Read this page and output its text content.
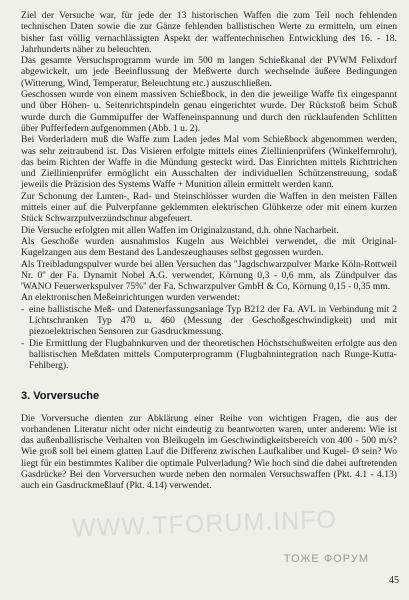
Ziel der Versuche war, für jede der 13 historischen Waffen die zum Teil noch fehlenden technischen Daten sowie die zur Gänze fehlenden ballistischen Werte zu ermitteln, um einen bisher fast völlig vernachlässigten Aspekt der waffentechnischen Entwicklung des 16. - 18. Jahrhunderts näher zu beleuchten.

Das gesamte Versuchsprogramm wurde im 500 m langen Schießkanal der PVWM Felixdorf abgewickelt, um jede Beeinflussung der Meßwerte durch wechselnde äußere Bedingungen (Witterung, Wind, Temperatur, Beleuchtung etc.) auszuschließen.

Geschossen wurde von einem massiven Schießbock, in den die jeweilige Waffe fix eingespannt und über Höhen- u. Seitenrichtspindeln genau eingerichtet wurde. Der Rückstoß beim Schuß wurde durch die Gummipuffer der Waffeneinspannung und durch den rücklaufenden Schlitten über Pufferfedern aufgenommen (Abb. 1 u. 2).

Bei Vorderladern muß die Waffe zum Laden jedes Mal vom Schießbock abgenommen werden, was sehr zeitraubend ist. Das Visieren erfolgte mittels eines Ziellinienprüfers (Winkelfernrohr), das beim Richten der Waffe in die Mündung gesteckt wird. Das Einrichten mittels Richttrichen und Ziellinienprüfer ermöglicht ein Ausschalten der individuellen Schützenstreuung, sodaß jeweils die Präzision des Systems Waffe + Munition allein ermittelt werden kann.

Zur Schonung der Lunten-, Rad- und Steinschlösser wurden die Waffen in den meisten Fällen mittels einer auf die Pulverpfanne geklemmten elektrischen Glühkerze oder mit einem kurzen Stück Schwarzpulverzündschnur abgefeuert.

Die Versuche erfolgten mit allen Waffen im Originalzustand, d.h. ohne Nacharbeit.

Als Geschoße wurden ausnahmslos Kugeln aus Weichblei verwendet, die mit Original-Kugelzangen aus dem Bestand des Landeszeughauses selbst gegossen wurden.

Als Treibladungspulver wurde bei allen Versuchen das "Jagdschwarzpulver Marke Köln-Rottweil Nr. 0'' der Fa. Dynamit Nobel A.G. verwendet, Körnung 0,3 - 0,6 mm, als Zündpulver das 'WANO Feuerwerkspulver 75%'' der Fa. Schwarzpulver GmbH & Co, Körnung 0,15 - 0,35 mm.

An elektronischen Meßeinrichtungen wurden verwendet:

- eine ballistische Meß- und Datenerfassungsanlage Typ B212 der Fa. AVL in Verbindung mit 2 Lichtschranken Typ 470 u. 460 (Messung der Geschoßgeschwindigkeit) und mit piezoelektrischen Sensoren zur Gasdruckmessung.
- Die Ermittlung der Flugbahnkurven und der theoretischen Höchstschußweiten erfolgte aus den ballistischen Meßdaten mittels Computerprogramm (Flugbahnintegration nach Runge-Kutta-Fehlberg).
3. Vorversuche

Die Vorversuche dienten zur Abklärung einer Reihe von wichtigen Fragen, die aus der vorhandenen Literatur nicht oder nicht eindeutig zu beantworten waren, unter anderem: Wie ist das außenballistische Verhalten von Bleikugeln im Geschwindigkeitsbereich von 400 - 500 m/s? Wie groß soll bei einem glatten Lauf die Differenz zwischen Laufkaliber und Kugel- Ø sein? Wo liegt für ein bestimmtes Kaliber die optimale Pulverladung? Wie hoch sind die dabei auftretenden Gasdrücke? Bei den Vorversuchen wurde neben den normalen Versuchswaffen (Pkt. 4.1 - 4.13) auch ein Gasdruckmeßlauf (Pkt. 4.14) verwendet.

WWW.TFORUM.INFO
ТОЖЕ ФОРУМ
45
